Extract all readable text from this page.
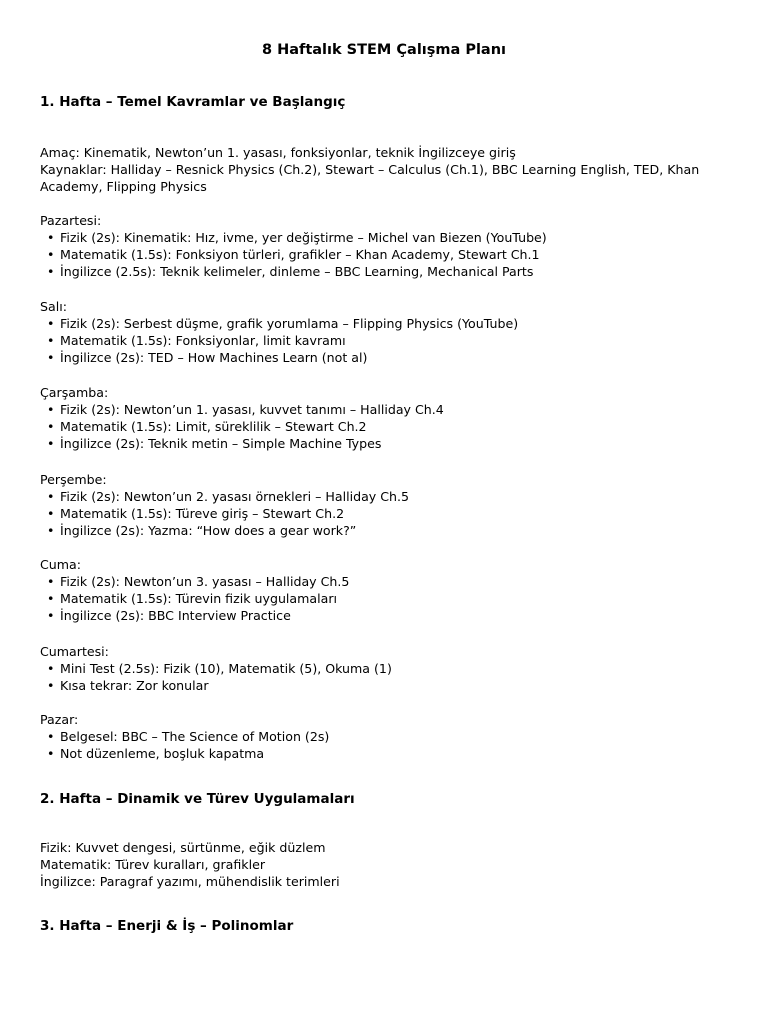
8 Haftalık STEM Çalışma Planı
1. Hafta – Temel Kavramlar ve Başlangıç
Amaç: Kinematik, Newton’un 1. yasası, fonksiyonlar, teknik İngilizceye giriş
Kaynaklar: Halliday – Resnick Physics (Ch.2), Stewart – Calculus (Ch.1), BBC Learning English, TED, Khan
Academy, Flipping Physics
Pazartesi:
• Fizik (2s): Kinematik: Hız, ivme, yer değiştirme – Michel van Biezen (YouTube)
• Matematik (1.5s): Fonksiyon türleri, grafikler – Khan Academy, Stewart Ch.1
• İngilizce (2.5s): Teknik kelimeler, dinleme – BBC Learning, Mechanical Parts
Salı:
• Fizik (2s): Serbest düşme, grafik yorumlama – Flipping Physics (YouTube)
• Matematik (1.5s): Fonksiyonlar, limit kavramı
• İngilizce (2s): TED – How Machines Learn (not al)
Çarşamba:
• Fizik (2s): Newton’un 1. yasası, kuvvet tanımı – Halliday Ch.4
• Matematik (1.5s): Limit, süreklilik – Stewart Ch.2
• İngilizce (2s): Teknik metin – Simple Machine Types
Perşembe:
• Fizik (2s): Newton’un 2. yasası örnekleri – Halliday Ch.5
• Matematik (1.5s): Türeve giriş – Stewart Ch.2
• İngilizce (2s): Yazma: “How does a gear work?”
Cuma:
• Fizik (2s): Newton’un 3. yasası – Halliday Ch.5
• Matematik (1.5s): Türevin fizik uygulamaları
• İngilizce (2s): BBC Interview Practice
Cumartesi:
• Mini Test (2.5s): Fizik (10), Matematik (5), Okuma (1)
• Kısa tekrar: Zor konular
Pazar:
• Belgesel: BBC – The Science of Motion (2s)
• Not düzenleme, boşluk kapatma
2. Hafta – Dinamik ve Türev Uygulamaları
Fizik: Kuvvet dengesi, sürtünme, eğik düzlem
Matematik: Türev kuralları, grafikler
İngilizce: Paragraf yazımı, mühendislik terimleri
3. Hafta – Enerji & İş – Polinomlar
